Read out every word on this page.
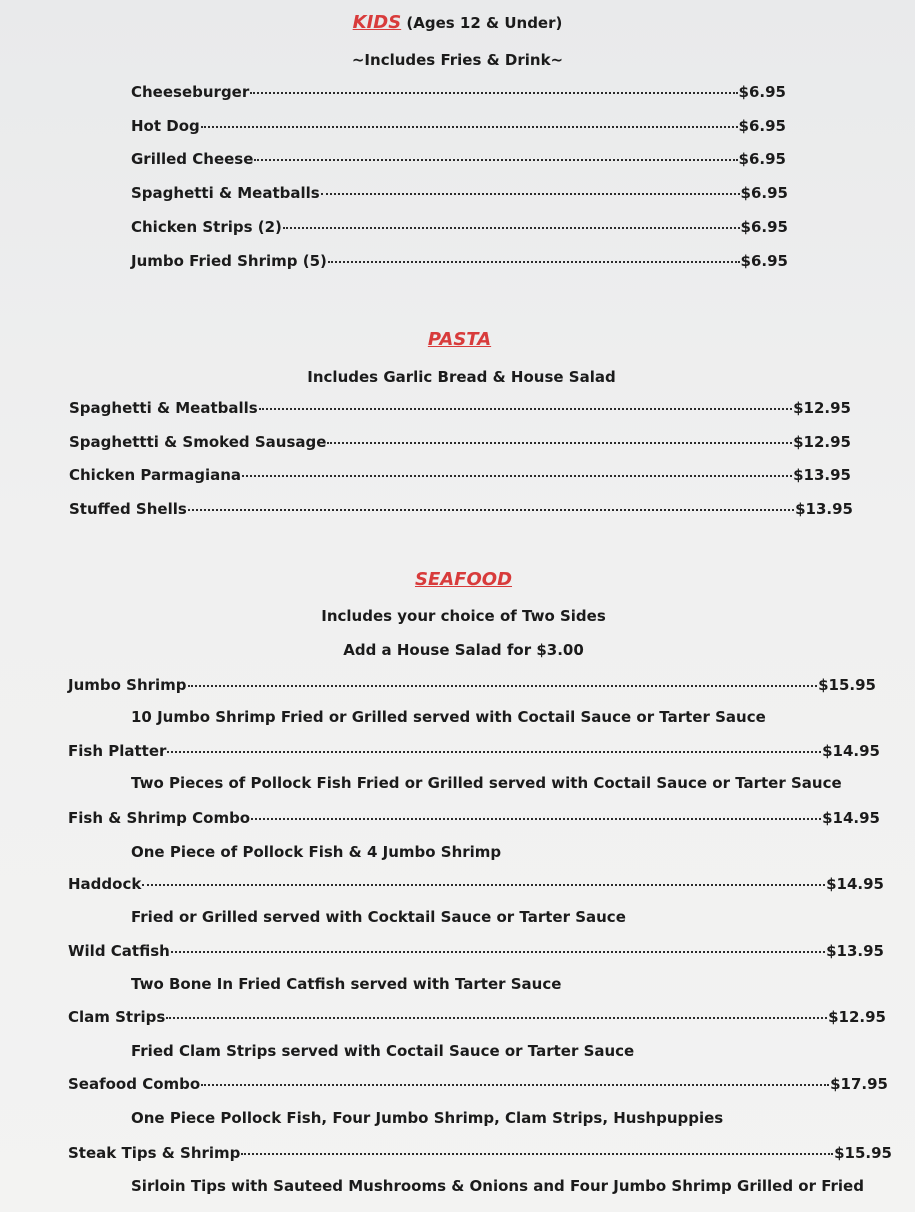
KIDS (Ages 12 & Under)
~Includes Fries & Drink~
Cheeseburger	$6.95
Hot Dog	$6.95
Grilled Cheese	$6.95
Spaghetti & Meatballs	$6.95
Chicken Strips (2)	$6.95
Jumbo Fried Shrimp (5)	$6.95
PASTA
Includes Garlic Bread & House Salad
Spaghetti & Meatballs	$12.95
Spaghettti & Smoked Sausage	$12.95
Chicken Parmagiana	$13.95
Stuffed Shells	$13.95
SEAFOOD
Includes your choice of Two Sides
Add a House Salad for $3.00
Jumbo Shrimp	$15.95
10 Jumbo Shrimp Fried or Grilled served with Coctail Sauce or Tarter Sauce
Fish Platter	$14.95
Two Pieces of Pollock Fish Fried or Grilled served with Coctail Sauce or Tarter Sauce
Fish & Shrimp Combo	$14.95
One Piece of Pollock Fish & 4 Jumbo Shrimp
Haddock	$14.95
Fried or Grilled served with Cocktail Sauce or Tarter Sauce
Wild Catfish	$13.95
Two Bone In Fried Catfish served with Tarter Sauce
Clam Strips	$12.95
Fried Clam Strips served with Coctail Sauce or Tarter Sauce
Seafood Combo	$17.95
One Piece Pollock Fish, Four Jumbo Shrimp, Clam Strips, Hushpuppies
Steak Tips & Shrimp	$15.95
Sirloin Tips with Sauteed Mushrooms & Onions and Four Jumbo Shrimp Grilled or Fried
